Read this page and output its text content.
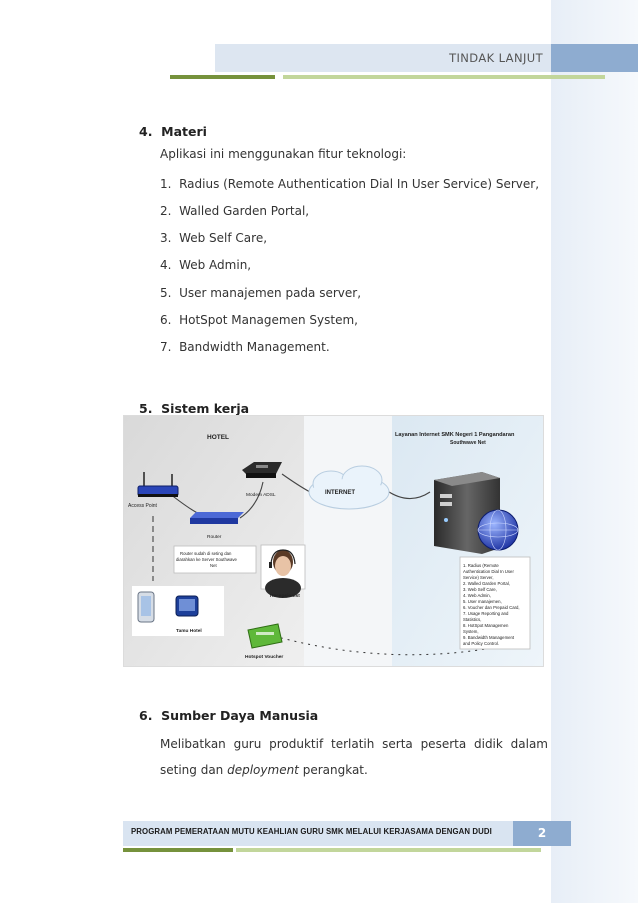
TINDAK LANJUT
4. Materi
Aplikasi ini menggunakan fitur teknologi:
1.  Radius (Remote Authentication Dial In User Service) Server,
2.  Walled Garden Portal,
3.  Web Self Care,
4.  Web Admin,
5.  User manajemen pada server,
6.  HotSpot Managemen System,
7.  Bandwidth Management.
5. Sistem kerja
HOTEL	Layanan Internet SMK Negeri 1 Pangandaran
Southwave Net
INTERNET
Access Point
Modem ADSL
Router
Router sudah di seting dan
diarahkan ke Server Southwave
Net
Recepsionist
Tamu Hotel
Hotspot Voucher
1. Radius (Remote
Authentication Dial In User
Service) Server,
2. Walled Garden Portal,
3. Web Self Care,
4. Web Admin,
5. User manajemen,
6. Voucher dan Prepaid Card,
7. Usage Reporting and
Statistics,
8. HotSpot Managemen
System,
9. Bandwidth Management
and Policy Control.
6. Sumber Daya Manusia
Melibatkan guru produktif terlatih serta peserta didik dalam seting dan deployment perangkat.
PROGRAM PEMERATAAN MUTU KEAHLIAN GURU SMK MELALUI KERJASAMA DENGAN DUDI	2
